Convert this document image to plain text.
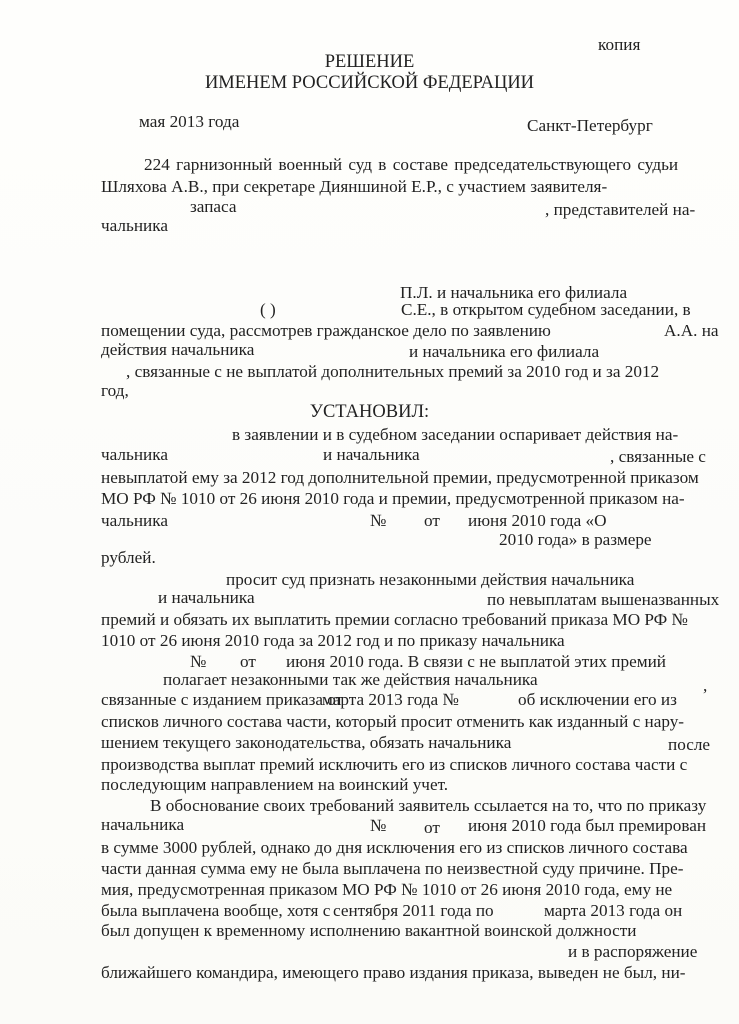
копия
РЕШЕНИЕ
ИМЕНЕМ РОССИЙСКОЙ ФЕДЕРАЦИИ
мая 2013 года	Санкт-Петербург
224 гарнизонный военный суд в составе председательствующего судьи
Шляхова А.В., при секретаре Дияншиной Е.Р., с участием заявителя-
запаса	, представителей на-
чальника
П.Л. и начальника его филиала
( )	С.Е., в открытом судебном заседании, в
помещении суда, рассмотрев гражданское дело по заявлению	А.А. на
действия начальника	и начальника его филиала
, связанные с не выплатой дополнительных премий за 2010 год и за 2012
год,
УСТАНОВИЛ:
в заявлении и в судебном заседании оспаривает действия на-
чальника	и начальника	, связанные с
невыплатой ему за 2012 год дополнительной премии, предусмотренной приказом
МО РФ № 1010 от 26 июня 2010 года и премии, предусмотренной приказом на-
чальника	№ от июня 2010 года «О
2010 года» в размере
рублей.
просит суд признать незаконными действия начальника
и начальника	по невыплатам вышеназванных
премий и обязать их выплатить премии согласно требований приказа МО РФ №
1010 от 26 июня 2010 года за 2012 год и по приказу начальника
№ от июня 2010 года. В связи с не выплатой этих премий
полагает незаконными так же действия начальника	,
связанные с изданием приказа от
марта 2013 года №	об исключении его из
списков личного состава части, который просит отменить как изданный с нару-
шением текущего законодательства, обязать начальника	после
производства выплат премий исключить его из списков личного состава части с
последующим направлением на воинский учет.
В обоснование своих требований заявитель ссылается на то, что по приказу
начальника	№ от июня 2010 года был премирован
в сумме 3000 рублей, однако до дня исключения его из списков личного состава
части данная сумма ему не была выплачена по неизвестной суду причине. Пре-
мия, предусмотренная приказом МО РФ № 1010 от 26 июня 2010 года, ему не
была выплачена вообще, хотя с сентября 2011 года по	марта 2013 года он
был допущен к временному исполнению вакантной воинской должности
и в распоряжение
ближайшего командира, имеющего право издания приказа, выведен не был, ни-
